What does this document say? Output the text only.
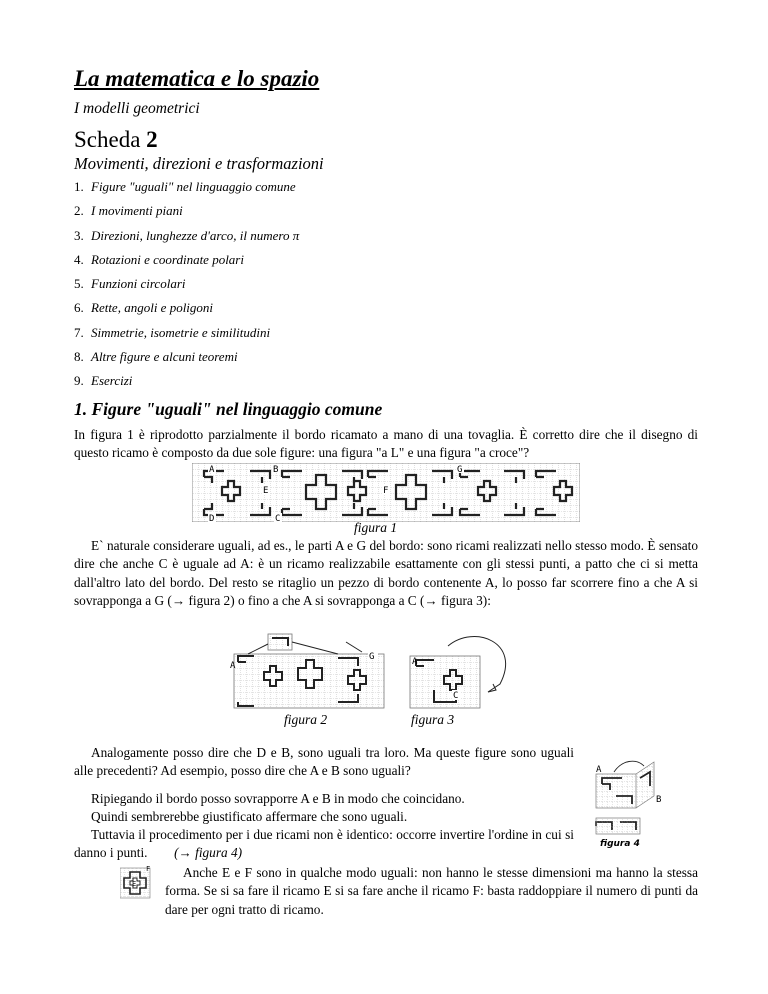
La matematica e lo spazio
I modelli geometrici
Scheda 2
Movimenti, direzioni e trasformazioni
1. Figure "uguali" nel linguaggio comune
2. I movimenti piani
3. Direzioni, lunghezze d'arco, il numero π
4. Rotazioni e coordinate polari
5. Funzioni circolari
6. Rette, angoli e poligoni
7. Simmetrie, isometrie e similitudini
8. Altre figure e alcuni teoremi
9. Esercizi
1. Figure "uguali" nel linguaggio comune
In figura 1 è riprodotto parzialmente il bordo ricamato a mano di una tovaglia. È corretto dire che il disegno di questo ricamo è composto da due sole figure: una figura "a L" e una figura "a croce"?
A	B	G
E	F
D	C
figura 1
E` naturale considerare uguali, ad es., le parti A e G del bordo: sono ricami realizzati nello stesso modo. È sensato dire che anche C è uguale ad A: è un ricamo realizzabile esattamente con gli stessi punti, a patto che ci si metta dall'altro lato del bordo. Del resto se ritaglio un pezzo di bordo contenente A, lo posso far scorrere fino a che A si sovrapponga a G (→ figura 2) o fino a che A si sovrapponga a C (→ figura 3):
G
A
figura 2
A
C
figura 3
Analogamente posso dire che D e B, sono uguali tra loro. Ma queste figure sono uguali alle precedenti? Ad esempio, posso dire che A e B sono uguali?
Ripiegando il bordo posso sovrapporre A e B in modo che coincidano.
Quindi sembrerebbe giustificato affermare che sono uguali.
Tuttavia il procedimento per i due ricami non è identico: occorre invertire l'ordine in cui si danno i punti. (→ figura 4)
A
B
figura 4
E
F	Anche E e F sono in qualche modo uguali: non hanno le stesse dimensioni ma hanno la stessa forma. Se si sa fare il ricamo E si sa fare anche il ricamo F: basta raddoppiare il numero di punti da dare per ogni tratto di ricamo.
